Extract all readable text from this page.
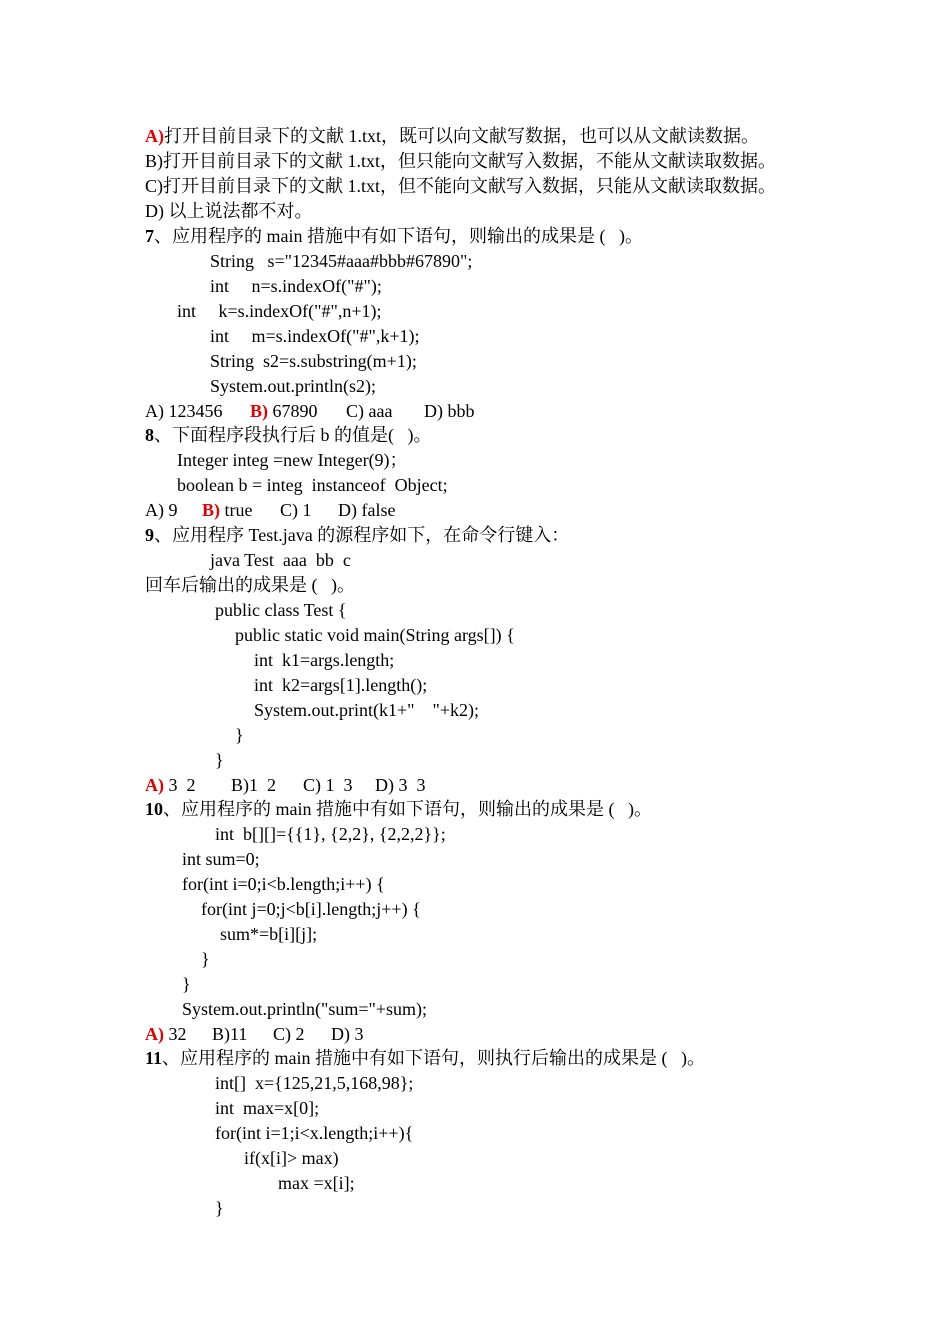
A)打开目前目录下的文献 1.txt，既可以向文献写数据，也可以从文献读数据。
B)打开目前目录下的文献 1.txt，但只能向文献写入数据，不能从文献读取数据。
C)打开目前目录下的文献 1.txt，但不能向文献写入数据，只能从文献读取数据。
D) 以上说法都不对。
7、应用程序的 main 措施中有如下语句，则输出的成果是 (   )。
String   s="12345#aaa#bbb#67890";
int     n=s.indexOf("#");
int     k=s.indexOf("#",n+1);
int     m=s.indexOf("#",k+1);
String  s2=s.substring(m+1);
System.out.println(s2);
A) 123456 B) 67890 C) aaa D) bbb
8、下面程序段执行后 b 的值是(   )。
Integer integ =new Integer(9)；
boolean b = integ  instanceof  Object;
A) 9 B) true C) 1 D) false
9、应用程序 Test.java 的源程序如下，在命令行键入：
java Test  aaa  bb  c
回车后输出的成果是 (   )。
public class Test {
public static void main(String args[]) {
int  k1=args.length;
int  k2=args[1].length();
System.out.print(k1+"    "+k2);
}
}
A) 3  2 B)1  2 C) 1  3 D) 3  3
10、应用程序的 main 措施中有如下语句，则输出的成果是 (   )。
int  b[][]={{1}, {2,2}, {2,2,2}};
int sum=0;
for(int i=0;i<b.length;i++) {
for(int j=0;j<b[i].length;j++) {
sum*=b[i][j];
}
}
System.out.println("sum="+sum);
A) 32 B)11 C) 2 D) 3
11、应用程序的 main 措施中有如下语句，则执行后输出的成果是 (   )。
int[]  x={125,21,5,168,98};
int  max=x[0];
for(int i=1;i<x.length;i++){
if(x[i]> max)
max =x[i];
}
